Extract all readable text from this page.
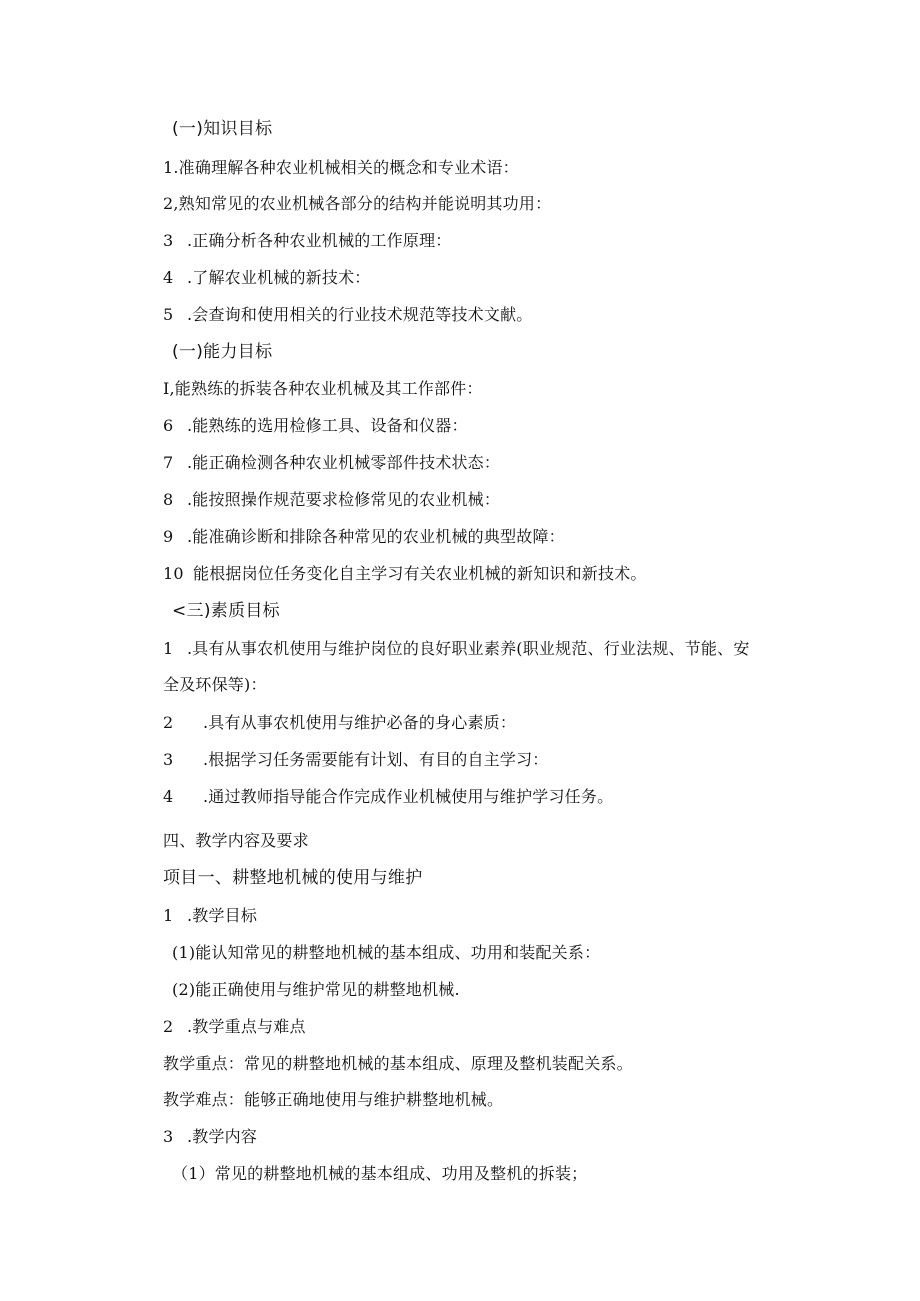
(一)知识目标
1.准确理解各种农业机械相关的概念和专业术语：
2,熟知常见的农业机械各部分的结构并能说明其功用：
3 .正确分析各种农业机械的工作原理：
4 .了解农业机械的新技术：
5 .会查询和使用相关的行业技术规范等技术文献。
(一)能力目标
I,能熟练的拆装各种农业机械及其工作部件：
6 .能熟练的选用检修工具、设备和仪器：
7 .能正确检测各种农业机械零部件技术状态：
8 .能按照操作规范要求检修常见的农业机械：
9 .能准确诊断和排除各种常见的农业机械的典型故障：
10 能根据岗位任务变化自主学习有关农业机械的新知识和新技术。
<三)素质目标
1 .具有从事农机使用与维护岗位的良好职业素养(职业规范、行业法规、节能、安
全及环保等)：
2 .具有从事农机使用与维护必备的身心素质：
3 .根据学习任务需要能有计划、有目的自主学习：
4 .通过教师指导能合作完成作业机械使用与维护学习任务。
四、教学内容及要求
项目一、耕整地机械的使用与维护
1 .教学目标
(1)能认知常见的耕整地机械的基本组成、功用和装配关系：
(2)能正确使用与维护常见的耕整地机械.
2 .教学重点与难点
教学重点：常见的耕整地机械的基本组成、原理及整机装配关系。
教学难点：能够正确地使用与维护耕整地机械。
3 .教学内容
（1）常见的耕整地机械的基本组成、功用及整机的拆装；
